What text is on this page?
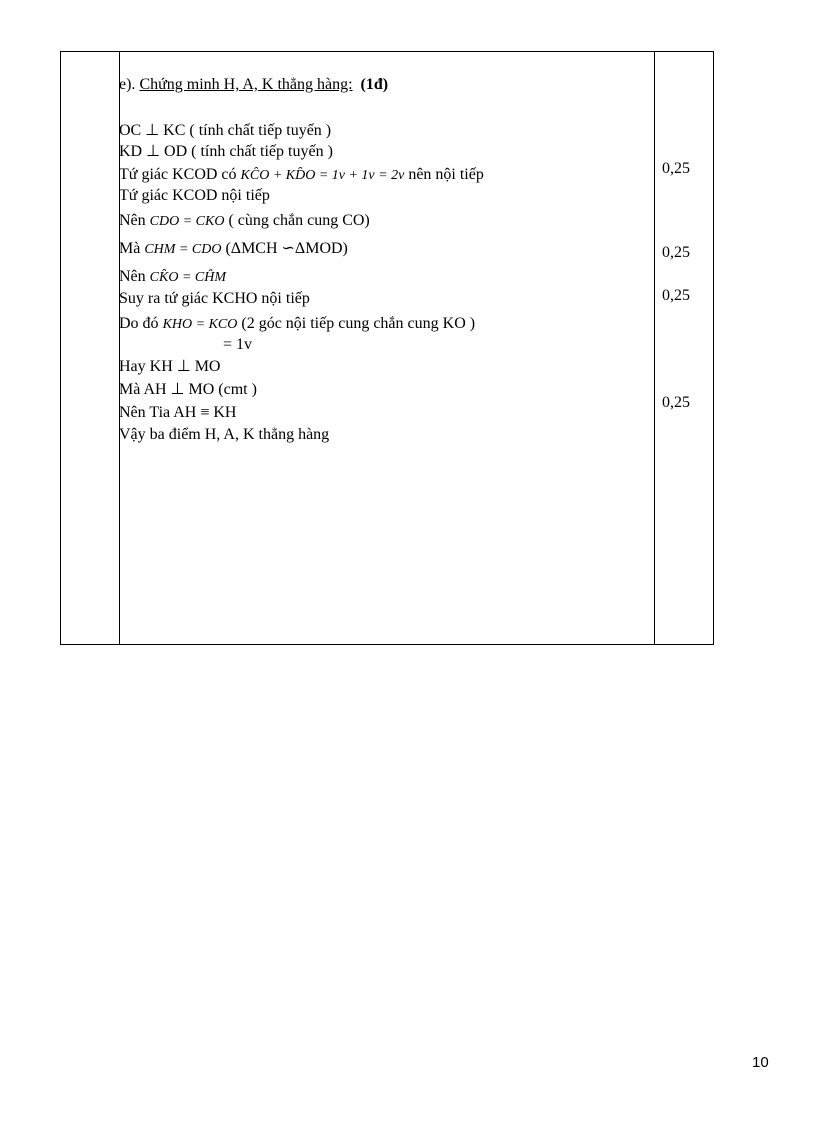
e). Chứng minh H, A, K thẳng hàng: (1đ)
OC ⊥ KC ( tính chất tiếp tuyến )
KD ⊥ OD ( tính chất tiếp tuyến )
Tứ giác KCOD có KĈO + KD̂O = 1v + 1v = 2v nên nội tiếp
Tứ giác KCOD nội tiếp
Nên CDO = CKO ( cùng chắn cung CO)
Mà CHM = CDO (ΔMCH ∽ΔMOD)
Nên CK̂O = CĤM
Suy ra tứ giác KCHO nội tiếp
Do đó KHO = KCO (2 góc nội tiếp cung chắn cung KO )
= 1v
Hay KH ⊥ MO
Mà AH ⊥ MO (cmt )
Nên Tia AH ≡ KH
Vậy ba điểm H, A, K thẳng hàng
0,25
0,25
0,25
0,25
10
